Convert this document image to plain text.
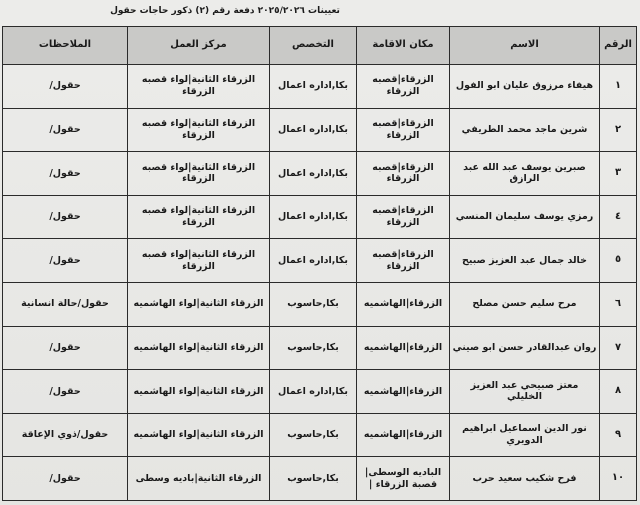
تعيينات ٢٠٢٥/٢٠٢٦ دفعة رقم (٢) ذكور حاجات حقول
الرقم	الاسم	مكان الاقامة	التخصص	مركز العمل	الملاحظات
١	هيفاء مرزوق عليان ابو الفول	الزرقاء|قصبه الزرقاء	بكا,اداره اعمال	الزرقاء الثانية|لواء قصبه الزرقاء	حقول/
٢	شرين ماجد محمد الطريفي	الزرقاء|قصبه الزرقاء	بكا,اداره اعمال	الزرقاء الثانية|لواء قصبه الزرقاء	حقول/
٣	صبرين يوسف عبد الله عبد الرازق	الزرقاء|قصبه الزرقاء	بكا,اداره اعمال	الزرقاء الثانية|لواء قصبه الزرقاء	حقول/
٤	رمزي يوسف سليمان المنسي	الزرقاء|قصبه الزرقاء	بكا,اداره اعمال	الزرقاء الثانية|لواء قصبه الزرقاء	حقول/
٥	خالد جمال عبد العزيز صبيح	الزرقاء|قصبه الزرقاء	بكا,اداره اعمال	الزرقاء الثانية|لواء قصبه الزرقاء	حقول/
٦	مرح سليم حسن مصلح	الزرقاء|الهاشميه	بكا,حاسوب	الزرقاء الثانية|لواء الهاشميه	حقول/حالة انسانية
٧	روان عبدالقادر حسن ابو صيني	الزرقاء|الهاشميه	بكا,حاسوب	الزرقاء الثانية|لواء الهاشميه	حقول/
٨	معتز صبيحي عبد العزيز الخليلي	الزرقاء|الهاشميه	بكا,اداره اعمال	الزرقاء الثانية|لواء الهاشميه	حقول/
٩	نور الدين اسماعيل ابراهيم الدويري	الزرقاء|الهاشميه	بكا,حاسوب	الزرقاء الثانية|لواء الهاشميه	حقول/ذوي الإعاقة
١٠	فرح شكيب سعيد حرب	الباديه الوسطى|قصبة الزرقاء |	بكا,حاسوب	الزرقاء الثانية|باديه وسطى	حقول/
